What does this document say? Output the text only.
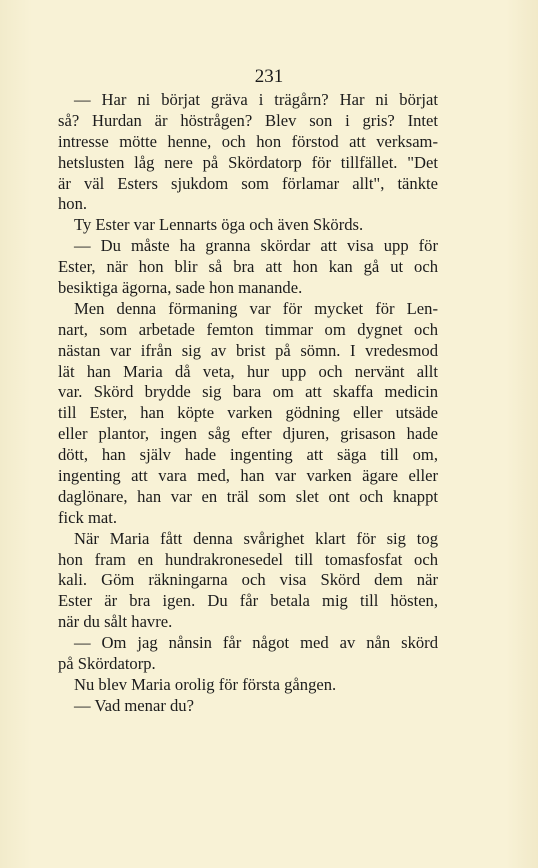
231
— Har ni börjat gräva i trägårn? Har ni börjat
så? Hurdan är höstrågen? Blev son i gris? Intet
intresse mötte henne, och hon förstod att verksam-
hetslusten låg nere på Skördatorp för tillfället. "Det
är väl Esters sjukdom som förlamar allt", tänkte
hon.
Ty Ester var Lennarts öga och även Skörds.
— Du måste ha granna skördar att visa upp för
Ester, när hon blir så bra att hon kan gå ut och
besiktiga ägorna, sade hon manande.
Men denna förmaning var för mycket för Len-
nart, som arbetade femton timmar om dygnet och
nästan var ifrån sig av brist på sömn. I vredesmod
lät han Maria då veta, hur upp och nervänt allt
var. Skörd brydde sig bara om att skaffa medicin
till Ester, han köpte varken gödning eller utsäde
eller plantor, ingen såg efter djuren, grisason hade
dött, han själv hade ingenting att säga till om,
ingenting att vara med, han var varken ägare eller
daglönare, han var en träl som slet ont och knappt
fick mat.
När Maria fått denna svårighet klart för sig tog
hon fram en hundrakronesedel till tomasfosfat och
kali. Göm räkningarna och visa Skörd dem när
Ester är bra igen. Du får betala mig till hösten,
när du sålt havre.
— Om jag nånsin får något med av nån skörd
på Skördatorp.
Nu blev Maria orolig för första gången.
— Vad menar du?
